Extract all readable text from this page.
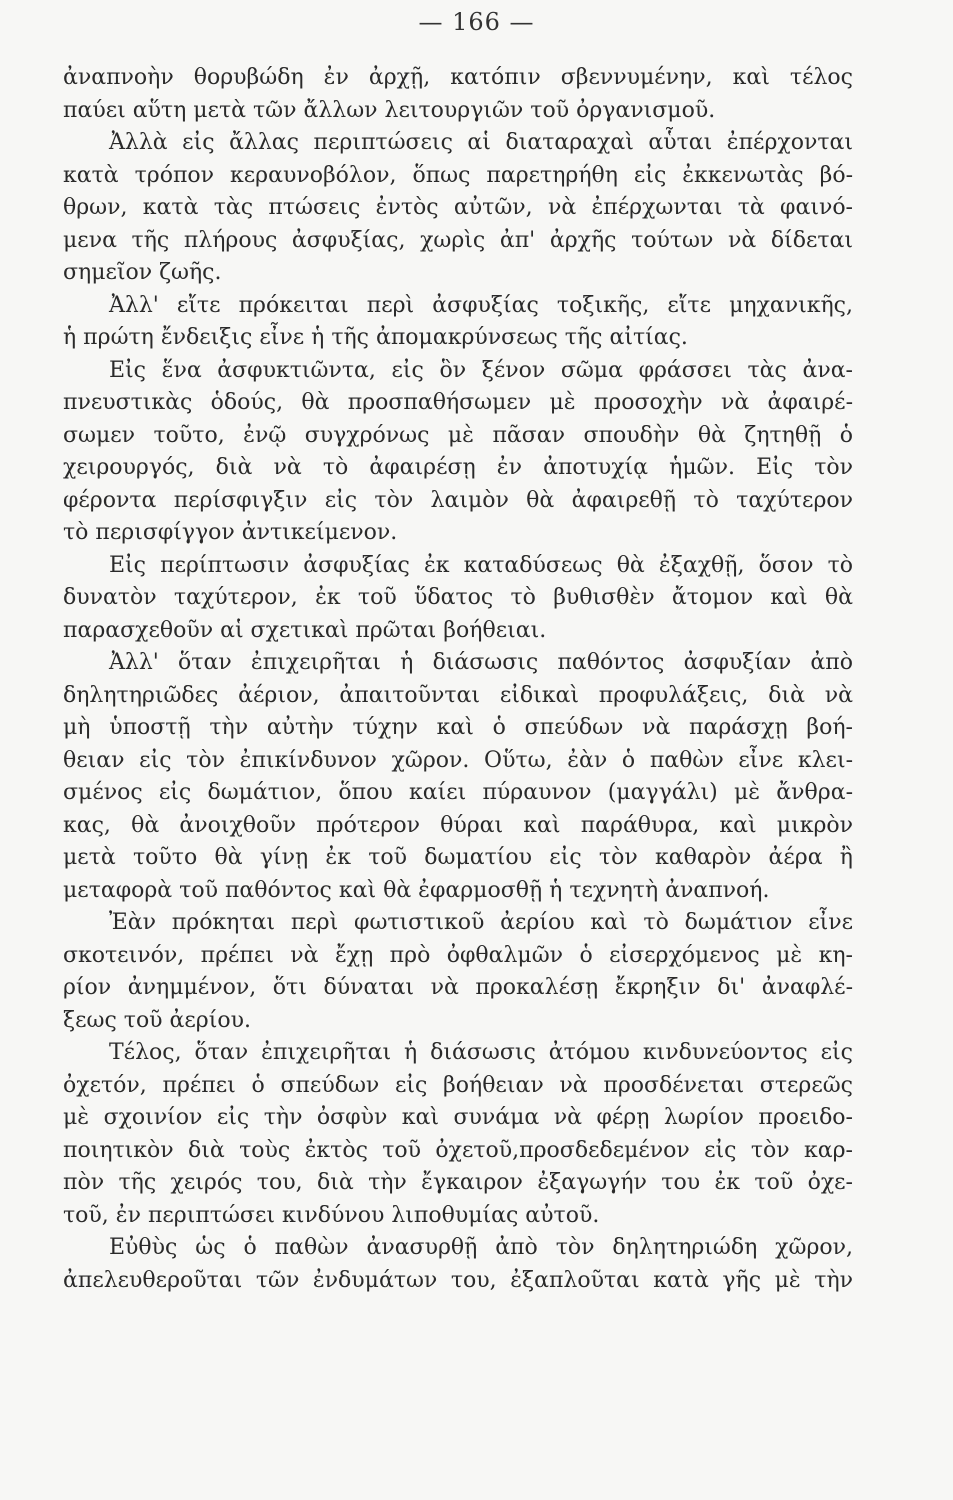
— 166 —
ἀναπνοὴν θορυβώδη ἐν ἀρχῇ, κατόπιν σβεννυμένην, καὶ τέλος
παύει αὕτη μετὰ τῶν ἄλλων λειτουργιῶν τοῦ ὀργανισμοῦ.
Ἀλλὰ εἰς ἄλλας περιπτώσεις αἱ διαταραχαὶ αὗται ἐπέρχονται
κατὰ τρόπον κεραυνοβόλον, ὅπως παρετηρήθη εἰς ἐκκενωτὰς βό-
θρων, κατὰ τὰς πτώσεις ἐντὸς αὐτῶν, νὰ ἐπέρχωνται τὰ φαινό-
μενα τῆς πλήρους ἀσφυξίας, χωρὶς ἀπ' ἀρχῆς τούτων νὰ δίδεται
σημεῖον ζωῆς.
Ἀλλ' εἴτε πρόκειται περὶ ἀσφυξίας τοξικῆς, εἴτε μηχανικῆς,
ἡ πρώτη ἔνδειξις εἶνε ἡ τῆς ἀπομακρύνσεως τῆς αἰτίας.
Εἰς ἕνα ἀσφυκτιῶντα, εἰς ὃν ξένον σῶμα φράσσει τὰς ἀνα-
πνευστικὰς ὁδούς, θὰ προσπαθήσωμεν μὲ προσοχὴν νὰ ἀφαιρέ-
σωμεν τοῦτο, ἐνῷ συγχρόνως μὲ πᾶσαν σπουδὴν θὰ ζητηθῇ ὁ
χειρουργός, διὰ νὰ τὸ ἀφαιρέσῃ ἐν ἀποτυχίᾳ ἡμῶν. Εἰς τὸν
φέροντα περίσφιγξιν εἰς τὸν λαιμὸν θὰ ἀφαιρεθῇ τὸ ταχύτερον
τὸ περισφίγγον ἀντικείμενον.
Εἰς περίπτωσιν ἀσφυξίας ἐκ καταδύσεως θὰ ἐξαχθῇ, ὅσον τὸ
δυνατὸν ταχύτερον, ἐκ τοῦ ὕδατος τὸ βυθισθὲν ἄτομον καὶ θὰ
παρασχεθοῦν αἱ σχετικαὶ πρῶται βοήθειαι.
Ἀλλ' ὅταν ἐπιχειρῆται ἡ διάσωσις παθόντος ἀσφυξίαν ἀπὸ
δηλητηριῶδες ἀέριον, ἀπαιτοῦνται εἰδικαὶ προφυλάξεις, διὰ νὰ
μὴ ὑποστῇ τὴν αὐτὴν τύχην καὶ ὁ σπεύδων νὰ παράσχῃ βοή-
θειαν εἰς τὸν ἐπικίνδυνον χῶρον. Οὕτω, ἐὰν ὁ παθὼν εἶνε κλει-
σμένος εἰς δωμάτιον, ὅπου καίει πύραυνον (μαγγάλι) μὲ ἄνθρα-
κας, θὰ ἀνοιχθοῦν πρότερον θύραι καὶ παράθυρα, καὶ μικρὸν
μετὰ τοῦτο θὰ γίνῃ ἐκ τοῦ δωματίου εἰς τὸν καθαρὸν ἀέρα ἢ
μεταφορὰ τοῦ παθόντος καὶ θὰ ἐφαρμοσθῇ ἡ τεχνητὴ ἀναπνοή.
Ἐὰν πρόκηται περὶ φωτιστικοῦ ἀερίου καὶ τὸ δωμάτιον εἶνε
σκοτεινόν, πρέπει νὰ ἔχῃ πρὸ ὀφθαλμῶν ὁ εἰσερχόμενος μὲ κη-
ρίον ἀνημμένον, ὅτι δύναται νὰ προκαλέσῃ ἔκρηξιν δι' ἀναφλέ-
ξεως τοῦ ἀερίου.
Τέλος, ὅταν ἐπιχειρῆται ἡ διάσωσις ἀτόμου κινδυνεύοντος εἰς
ὀχετόν, πρέπει ὁ σπεύδων εἰς βοήθειαν νὰ προσδένεται στερεῶς
μὲ σχοινίον εἰς τὴν ὀσφὺν καὶ συνάμα νὰ φέρῃ λωρίον προειδο-
ποιητικὸν διὰ τοὺς ἐκτὸς τοῦ ὀχετοῦ,προσδεδεμένον εἰς τὸν καρ-
πὸν τῆς χειρός του, διὰ τὴν ἔγκαιρον ἐξαγωγήν του ἐκ τοῦ ὀχε-
τοῦ, ἐν περιπτώσει κινδύνου λιποθυμίας αὐτοῦ.
Εὐθὺς ὡς ὁ παθὼν ἀνασυρθῇ ἀπὸ τὸν δηλητηριώδη χῶρον,
ἀπελευθεροῦται τῶν ἐνδυμάτων του, ἐξαπλοῦται κατὰ γῆς μὲ τὴν
